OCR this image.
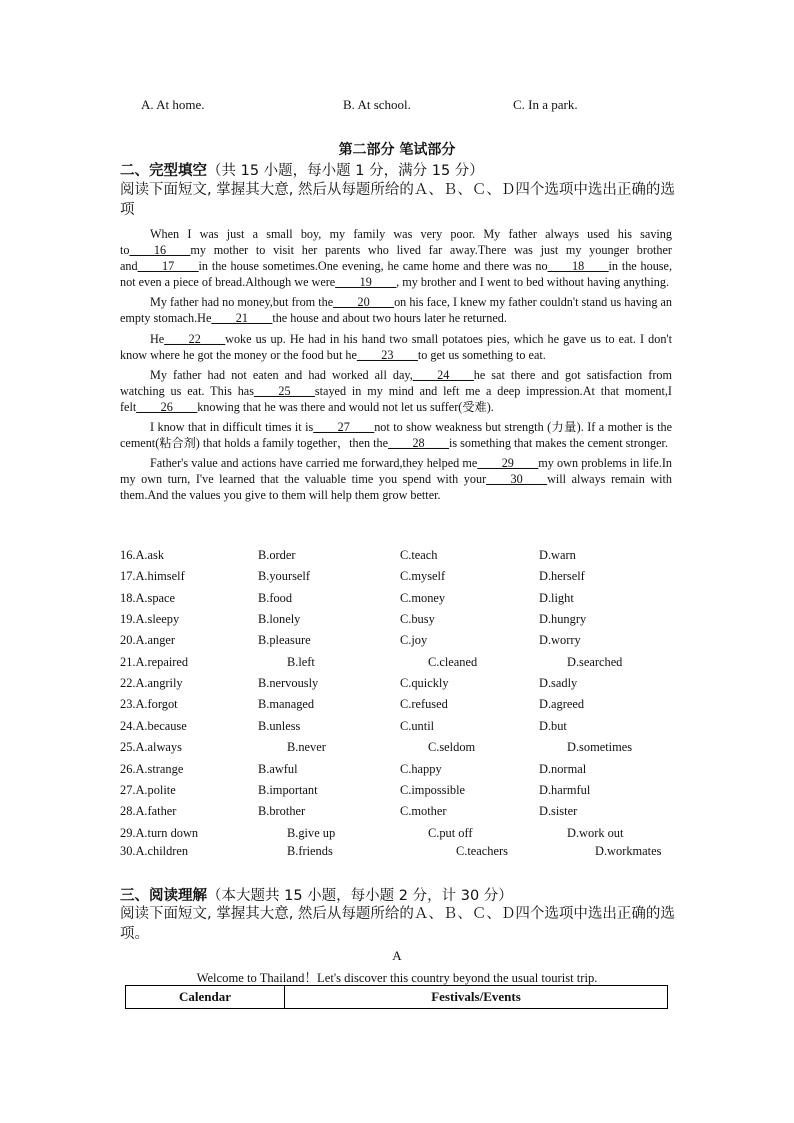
A. At home.	B. At school.	C. In a park.
第二部分 笔试部分
二、完型填空（共 15 小题，每小题 1 分，满分 15 分）
阅读下面短文, 掌握其大意, 然后从每题所给的Ａ、Ｂ、Ｃ、Ｄ四个选项中选出正确的选项

When I was just a small boy, my family was very poor. My father always used his saving to____16____my mother to visit her parents who lived far away.There was just my younger brother and____17____in the house sometimes.One evening, he came home and there was no____18____in the house, not even a piece of bread.Although we were____19____, my brother and I went to bed without having anything.

My father had no money,but from the____20____on his face, I knew my father couldn't stand us having an empty stomach.He____21____the house and about two hours later he returned.

He____22____woke us up. He had in his hand two small potatoes pies, which he gave us to eat. I don't know where he got the money or the food but he____23____to get us something to eat.

My father had not eaten and had worked all day,____24____he sat there and got satisfaction from watching us eat. This has____25____stayed in my mind and left me a deep impression.At that moment,I felt____26____knowing that he was there and would not let us suffer(受难).

I know that in difficult times it is____27____not to show weakness but strength (力量). If a mother is the cement(粘合剂) that holds a family together，then the____28____is something that makes the cement stronger.

Father's value and actions have carried me forward,they helped me____29____my own problems in life.In my own turn, I've learned that the valuable time you spend with your____30____will always remain with them.And the values you give to them will help them grow better.

16.A.ask	B.order	C.teach	D.warn
17.A.himself	B.yourself	C.myself	D.herself
18.A.space	B.food	C.money	D.light
19.A.sleepy	B.lonely	C.busy	D.hungry
20.A.anger	B.pleasure	C.joy	D.worry
21.A.repaired	B.left	C.cleaned	D.searched
22.A.angrily	B.nervously	C.quickly	D.sadly
23.A.forgot	B.managed	C.refused	D.agreed
24.A.because	B.unless	C.until	D.but
25.A.always	B.never	C.seldom	D.sometimes
26.A.strange	B.awful	C.happy	D.normal
27.A.polite	B.important	C.impossible	D.harmful
28.A.father	B.brother	C.mother	D.sister
29.A.turn down	B.give up	C.put off	D.work out
30.A.children	B.friends	C.teachers	D.workmates
三、阅读理解（本大题共 15 小题，每小题 2 分，计 30 分）
阅读下面短文, 掌握其大意, 然后从每题所给的Ａ、Ｂ、Ｃ、Ｄ四个选项中选出正确的选项。
A
Welcome to Thailand！Let's discover this country beyond the usual tourist trip.
Calendar	Festivals/Events
